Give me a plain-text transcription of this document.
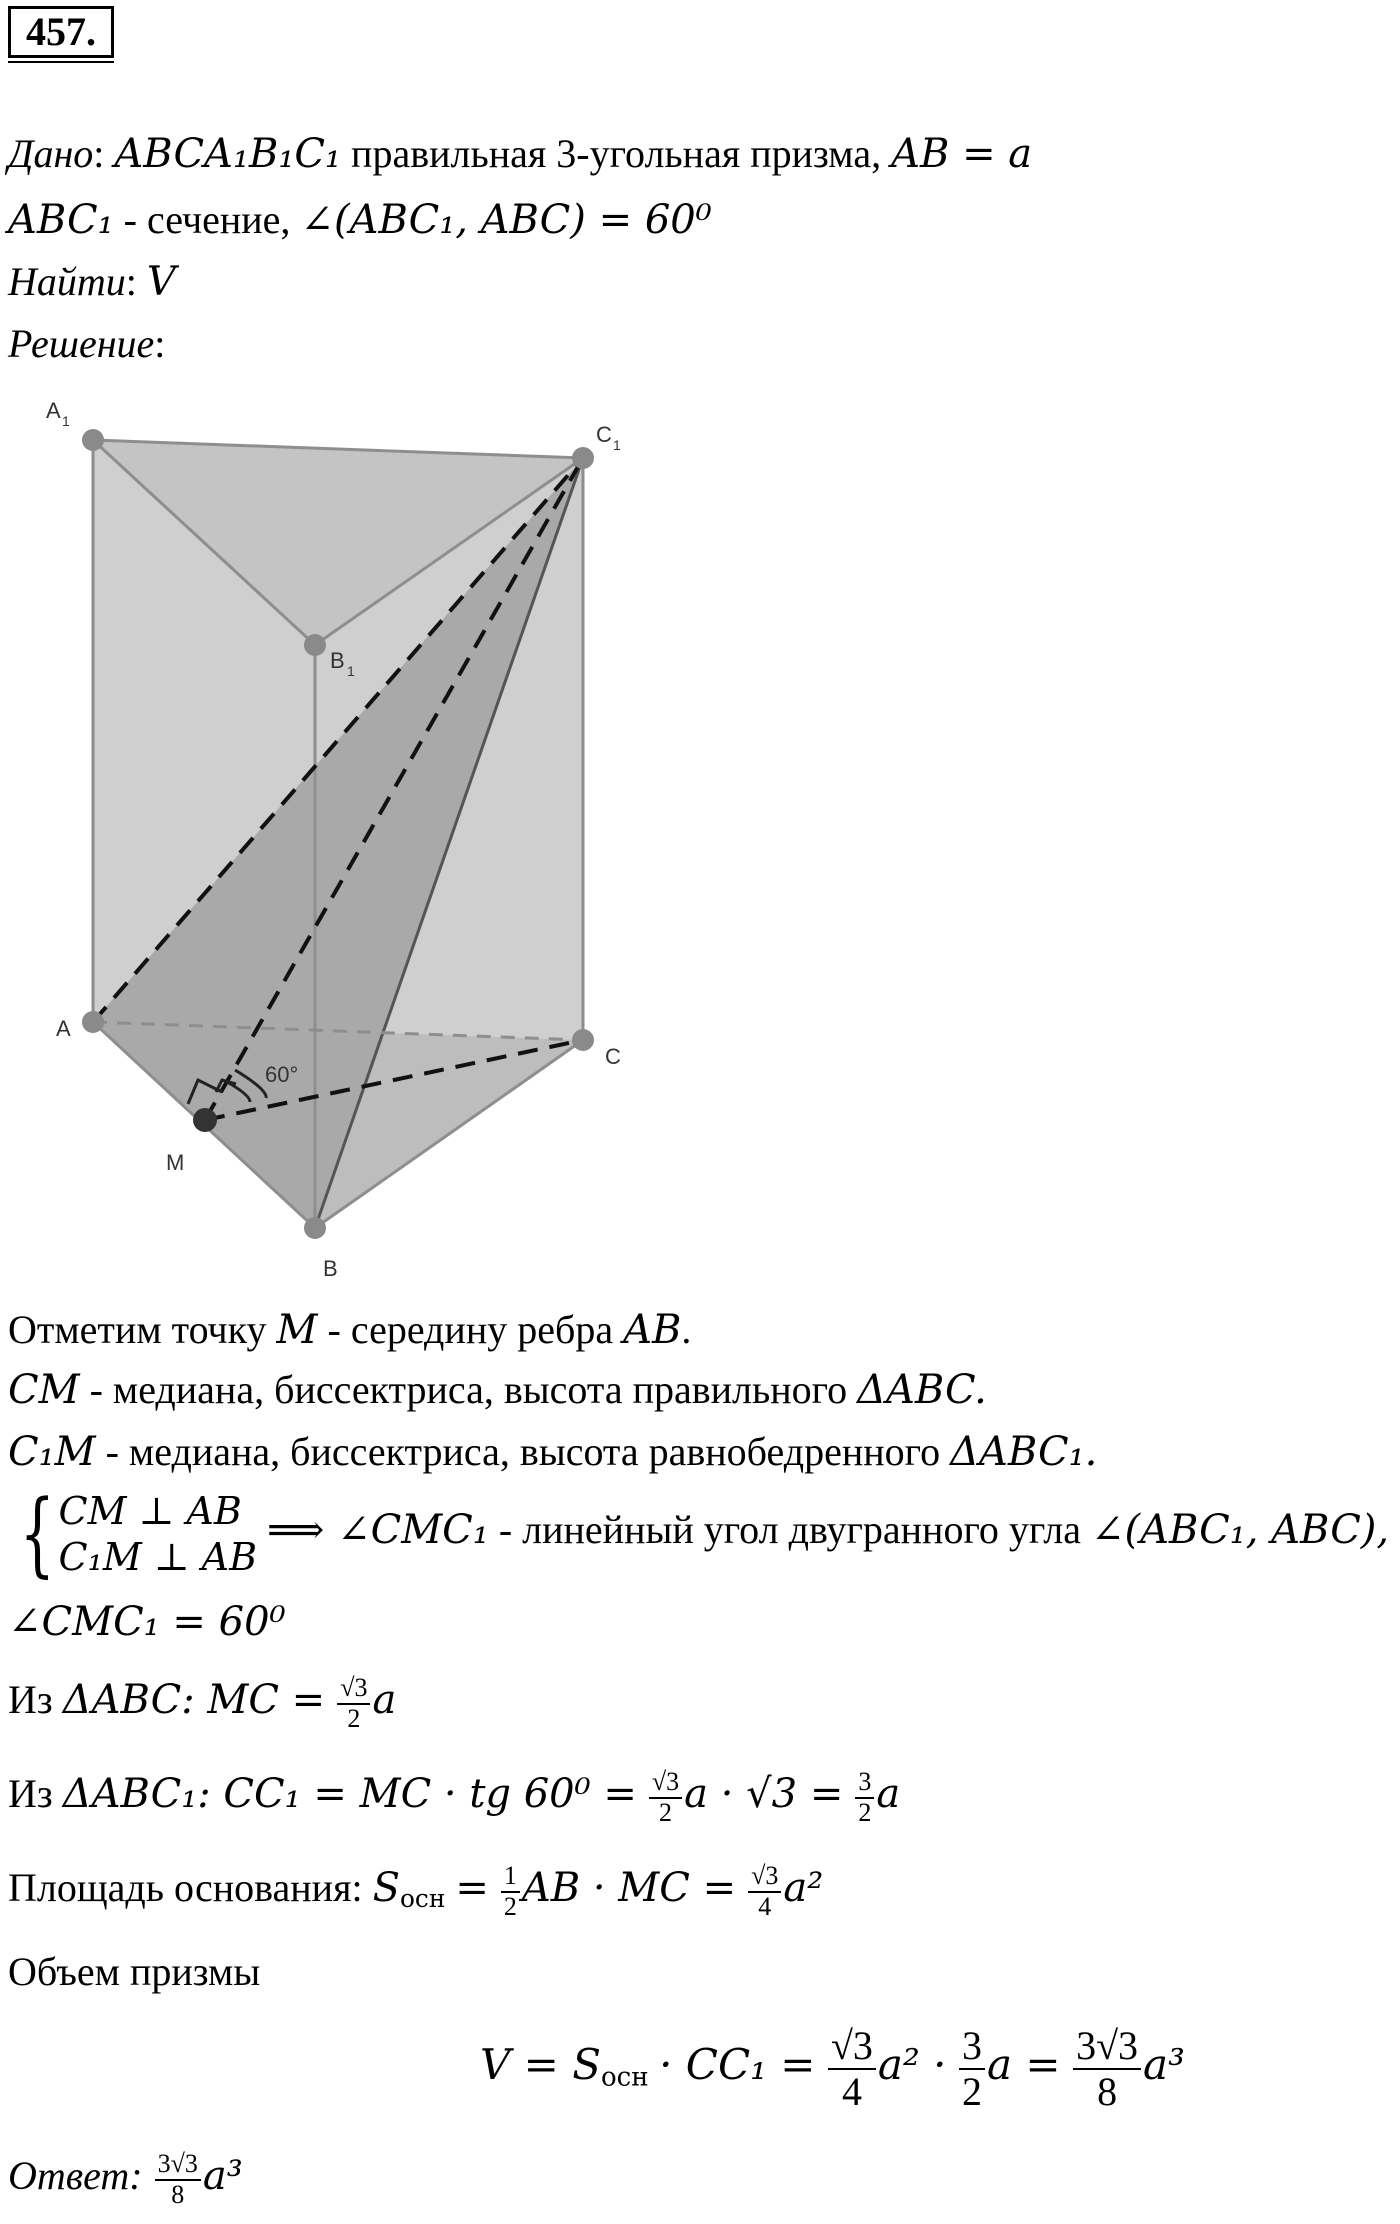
457.
Дано: ABCA₁B₁C₁ правильная 3-угольная призма, AB = a
ABC₁ - сечение, ∠(ABC₁, ABC) = 60⁰
Найти: V
Решение:
60°
A 1
C 1
B 1
A
C
M
B
Отметим точку M - середину ребра AB.
CM - медиана, биссектриса, высота правильного ΔABC.
C₁M - медиана, биссектриса, высота равнобедренного ΔABC₁.
{ CM ⊥ AB
C₁M ⊥ AB
⟹ ∠CMC₁ - линейный угол двугранного угла ∠(ABC₁, ABC),
∠CMC₁ = 60⁰
Из ΔABC: MC = $\frac{√3}{2}$ a
Из ΔABC₁: CC₁ = MC · tg $60^0 = \frac{√3}{2}$ $a \cdot √3 = \frac{3}{2}$ a
Площадь основания: $S_{осн} = \frac{1}{2}$ AB · MC = $\frac{√3}{4} a^2$
Объем призмы
$V = S_{осн} \cdot CC_1 = \frac{√3}{4} a^2 \cdot \frac{3}{2}$ $a = \frac{3√3}{8} a^3$
Ответ: $\frac{3√3}{8} a^3$
